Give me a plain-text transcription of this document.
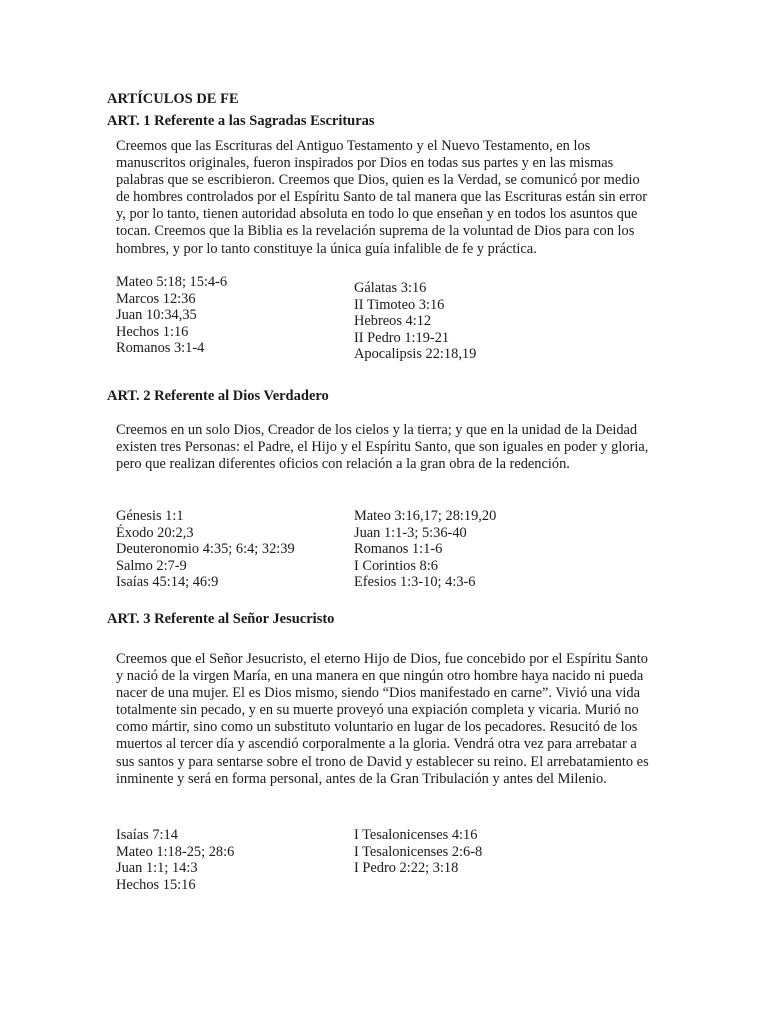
ARTÍCULOS DE FE
ART. 1 Referente a las Sagradas Escrituras

Creemos que las Escrituras del Antiguo Testamento y el Nuevo Testamento, en los manuscritos originales, fueron inspirados por Dios en todas sus partes y en las mismas palabras que se escribieron. Creemos que Dios, quien es la Verdad, se comunicó por medio de hombres controlados por el Espíritu Santo de tal manera que las Escrituras están sin error y, por lo tanto, tienen autoridad absoluta en todo lo que enseñan y en todos los asuntos que tocan. Creemos que la Biblia es la revelación suprema de la voluntad de Dios para con los hombres, y por lo tanto constituye la única guía infalible de fe y práctica.

Mateo 5:18; 15:4-6
Marcos 12:36
Juan 10:34,35
Hechos 1:16
Romanos 3:1-4
Gálatas 3:16
II Timoteo 3:16
Hebreos 4:12
II Pedro 1:19-21
Apocalipsis 22:18,19
ART. 2 Referente al Dios Verdadero

Creemos en un solo Dios, Creador de los cielos y la tierra; y que en la unidad de la Deidad existen tres Personas: el Padre, el Hijo y el Espíritu Santo, que son iguales en poder y gloria, pero que realizan diferentes oficios con relación a la gran obra de la redención.

Génesis 1:1
Éxodo 20:2,3
Deuteronomio 4:35; 6:4; 32:39
Salmo 2:7-9
Isaías 45:14; 46:9
Mateo 3:16,17; 28:19,20
Juan 1:1-3; 5:36-40
Romanos 1:1-6
I Corintios 8:6
Efesios 1:3-10; 4:3-6
ART. 3 Referente al Señor Jesucristo

Creemos que el Señor Jesucristo, el eterno Hijo de Dios, fue concebido por el Espíritu Santo y nació de la virgen María, en una manera en que ningún otro hombre haya nacido ni pueda nacer de una mujer. El es Dios mismo, siendo “Dios manifestado en carne”. Vivió una vida totalmente sin pecado, y en su muerte proveyó una expiación completa y vicaria. Murió no como mártir, sino como un substituto voluntario en lugar de los pecadores. Resucitó de los muertos al tercer día y ascendió corporalmente a la gloria. Vendrá otra vez para arrebatar a sus santos y para sentarse sobre el trono de David y establecer su reino. El arrebatamiento es inminente y será en forma personal, antes de la Gran Tribulación y antes del Milenio.

Isaías 7:14
Mateo 1:18-25; 28:6
Juan 1:1; 14:3
Hechos 15:16
I Tesalonicenses 4:16
I Tesalonicenses 2:6-8
I Pedro 2:22; 3:18
